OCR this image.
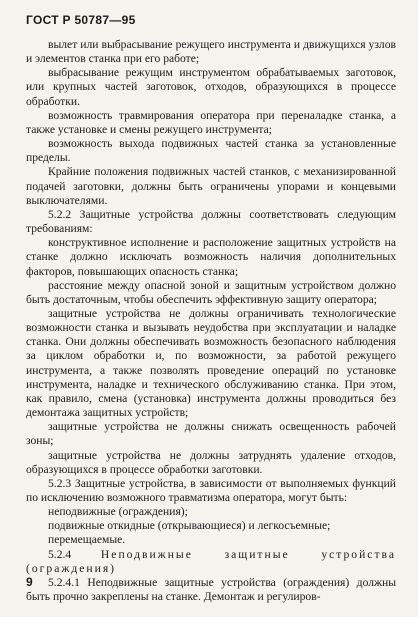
ГОСТ Р 50787—95

вылет или выбрасывание режущего инструмента и движущихся узлов и элементов станка при его работе;

выбрасывание режущим инструментом обрабатываемых заготовок, или крупных частей заготовок, отходов, образующихся в процессе обработки.

возможность травмирования оператора при переналадке станка, а также установке и смены режущего инструмента;

возможность выхода подвижных частей станка за установленные пределы.

Крайние положения подвижных частей станков, с механизированной подачей заготовки, должны быть ограничены упорами и концевыми выключателями.

5.2.2 Защитные устройства должны соответствовать следующим требованиям:

конструктивное исполнение и расположение защитных устройств на станке должно исключать возможность наличия дополнительных факторов, повышающих опасность станка;

расстояние между опасной зоной и защитным устройством должно быть достаточным, чтобы обеспечить эффективную защиту оператора;

защитные устройства не должны ограничивать технологические возможности станка и вызывать неудобства при эксплуатации и наладке станка. Они должны обеспечивать возможность безопасного наблюдения за циклом обработки и, по возможности, за работой режущего инструмента, а также позволять проведение операций по установке инструмента, наладке и технического обслуживанию станка. При этом, как правило, смена (установка) инструмента должны проводиться без демонтажа защитных устройств;

защитные устройства не должны снижать освещенность рабочей зоны;

защитные устройства не должны затруднять удаление отходов, образующихся в процессе обработки заготовки.

5.2.3 Защитные устройства, в зависимости от выполняемых функций по исключению возможного травматизма оператора, могут быть:

неподвижные (ограждения);

подвижные откидные (открывающиеся) и легкосъемные;

перемещаемые.

5.2.4	Неподвижные защитные устройства (ограждения)

5.2.4.1 Неподвижные защитные устройства (ограждения) должны быть прочно закреплены на станке. Демонтаж и регулиров-

9
